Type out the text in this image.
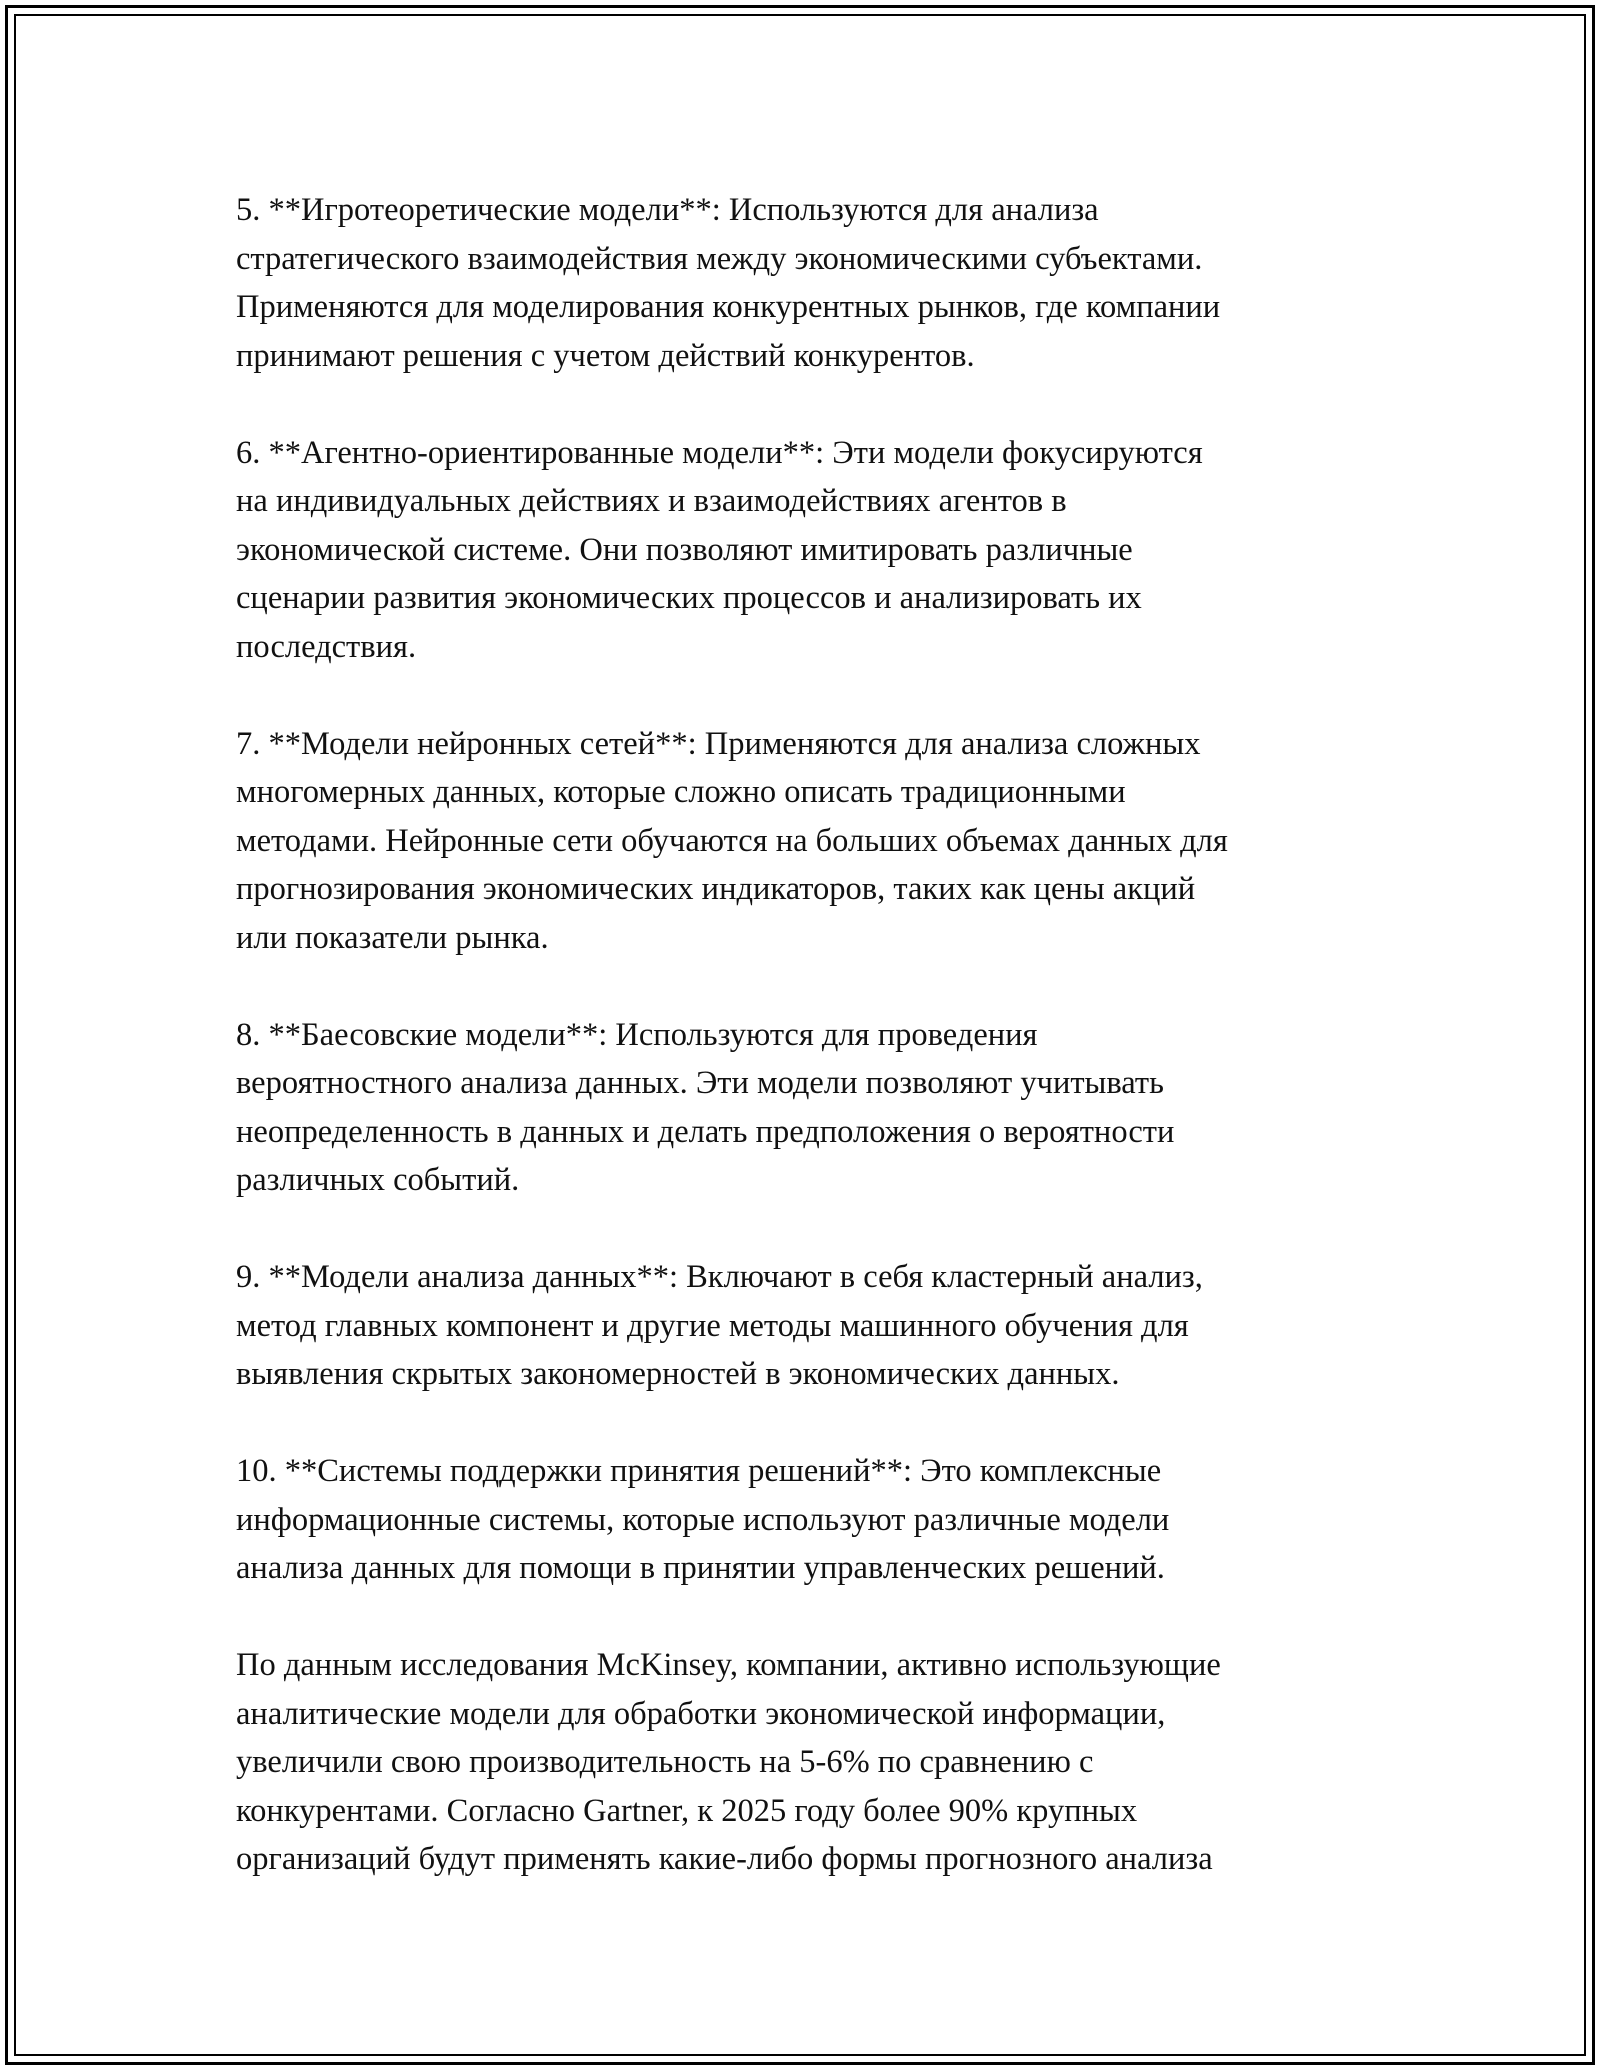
5. **Игротеоретические модели**: Используются для анализа
стратегического взаимодействия между экономическими субъектами.
Применяются для моделирования конкурентных рынков, где компании
принимают решения с учетом действий конкурентов.

6. **Агентно-ориентированные модели**: Эти модели фокусируются
на индивидуальных действиях и взаимодействиях агентов в
экономической системе. Они позволяют имитировать различные
сценарии развития экономических процессов и анализировать их
последствия.

7. **Модели нейронных сетей**: Применяются для анализа сложных
многомерных данных, которые сложно описать традиционными
методами. Нейронные сети обучаются на больших объемах данных для
прогнозирования экономических индикаторов, таких как цены акций
или показатели рынка.

8. **Баесовские модели**: Используются для проведения
вероятностного анализа данных. Эти модели позволяют учитывать
неопределенность в данных и делать предположения о вероятности
различных событий.

9. **Модели анализа данных**: Включают в себя кластерный анализ,
метод главных компонент и другие методы машинного обучения для
выявления скрытых закономерностей в экономических данных.

10. **Системы поддержки принятия решений**: Это комплексные
информационные системы, которые используют различные модели
анализа данных для помощи в принятии управленческих решений.

По данным исследования McKinsey, компании, активно использующие
аналитические модели для обработки экономической информации,
увеличили свою производительность на 5-6% по сравнению с
конкурентами. Согласно Gartner, к 2025 году более 90% крупных
организаций будут применять какие-либо формы прогнозного анализа
